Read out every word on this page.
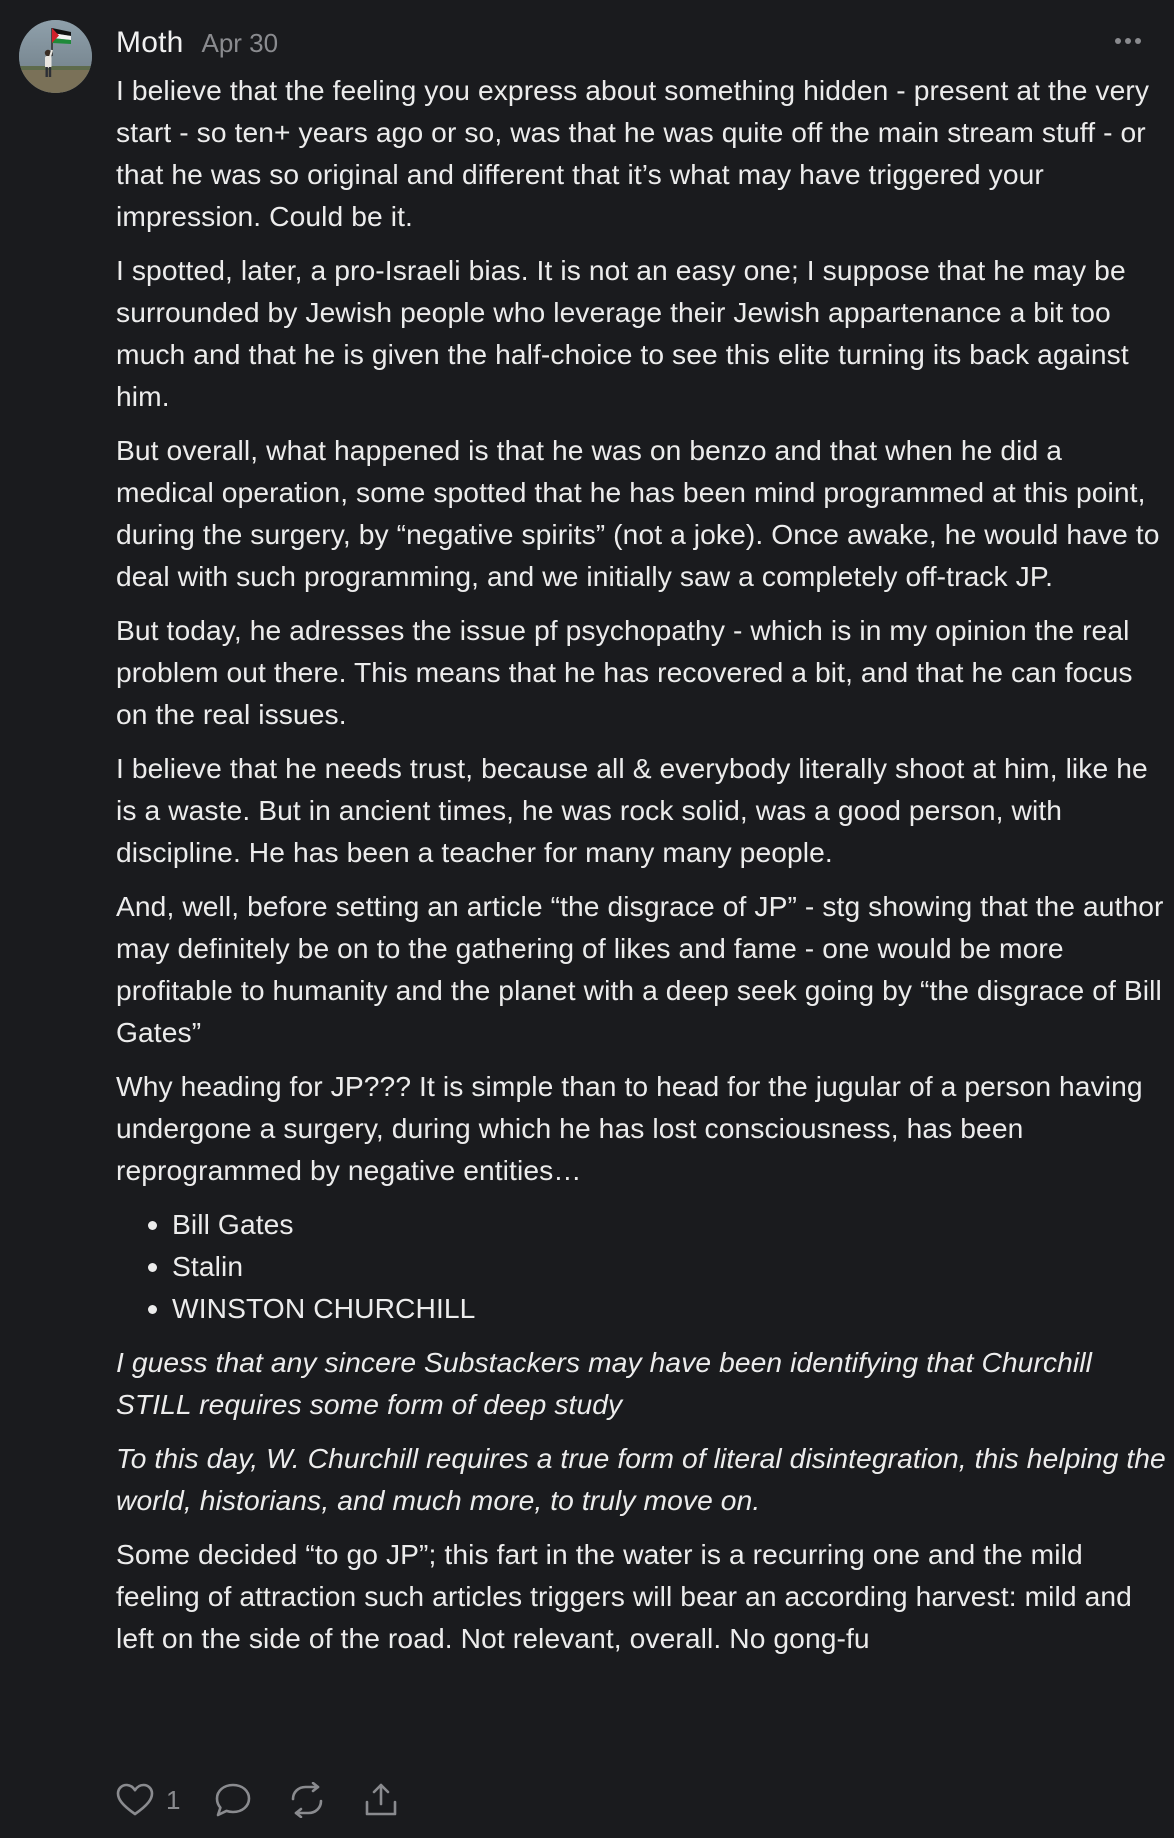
Moth Apr 30

I believe that the feeling you express about something hidden - present at the very start - so ten+ years ago or so, was that he was quite off the main stream stuff - or that he was so original and different that it’s what may have triggered your impression. Could be it.

I spotted, later, a pro-Israeli bias. It is not an easy one; I suppose that he may be surrounded by Jewish people who leverage their Jewish appartenance a bit too much and that he is given the half-choice to see this elite turning its back against him.

But overall, what happened is that he was on benzo and that when he did a medical operation, some spotted that he has been mind programmed at this point, during the surgery, by “negative spirits” (not a joke). Once awake, he would have to deal with such programming, and we initially saw a completely off-track JP.

But today, he adresses the issue pf psychopathy - which is in my opinion the real problem out there. This means that he has recovered a bit, and that he can focus on the real issues.

I believe that he needs trust, because all & everybody literally shoot at him, like he is a waste. But in ancient times, he was rock solid, was a good person, with discipline. He has been a teacher for many many people.

And, well, before setting an article “the disgrace of JP” - stg showing that the author may definitely be on to the gathering of likes and fame - one would be more profitable to humanity and the planet with a deep seek going by “the disgrace of Bill Gates”

Why heading for JP??? It is simple than to head for the jugular of a person having undergone a surgery, during which he has lost consciousness, has been reprogrammed by negative entities…

• Bill Gates
• Stalin
• WINSTON CHURCHILL

I guess that any sincere Substackers may have been identifying that Churchill STILL requires some form of deep study

To this day, W. Churchill requires a true form of literal disintegration, this helping the world, historians, and much more, to truly move on.

Some decided “to go JP”; this fart in the water is a recurring one and the mild feeling of attraction such articles triggers will bear an according harvest: mild and left on the side of the road. Not relevant, overall. No gong-fu

1
